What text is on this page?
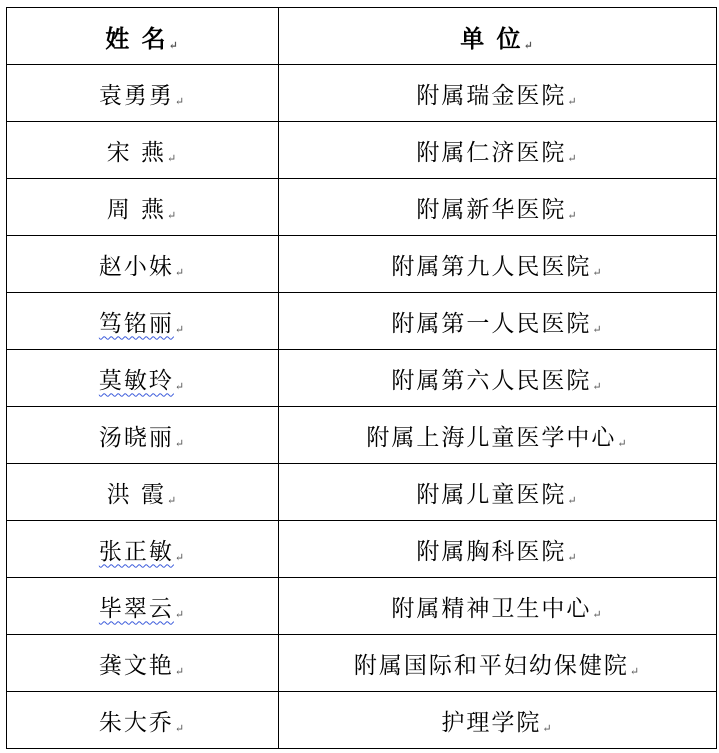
姓 名↵	单 位↵
袁勇勇↵	附属瑞金医院↵
宋 燕↵	附属仁济医院↵
周 燕↵	附属新华医院↵
赵小妹↵	附属第九人民医院↵
笃铭丽↵	附属第一人民医院↵
莫敏玲↵	附属第六人民医院↵
汤晓丽↵	附属上海儿童医学中心↵
洪 霞↵	附属儿童医院↵
张正敏↵	附属胸科医院↵
毕翠云↵	附属精神卫生中心↵
龚文艳↵	附属国际和平妇幼保健院↵
朱大乔↵	护理学院↵
